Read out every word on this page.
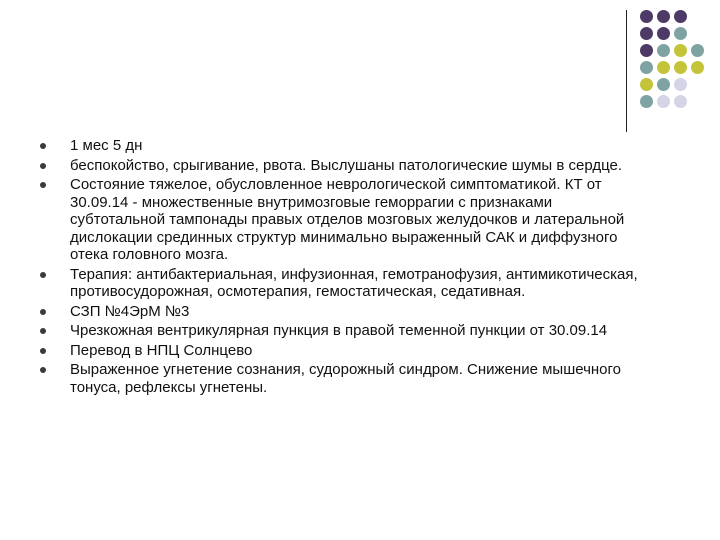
1 мес 5 дн
беспокойство, срыгивание, рвота. Выслушаны патологические шумы в сердце.
Состояние тяжелое, обусловленное неврологической симптоматикой. КТ от 30.09.14 - множественные внутримозговые геморрагии с признаками субтотальной тампонады правых отделов мозговых желудочков и латеральной дислокации срединных структур минимально выраженный САК и диффузного отека головного мозга.
Терапия: антибактериальная, инфузионная, гемотранофузия, антимикотическая, противосудорожная, осмотерапия, гемостатическая, седативная.
СЗП №4ЭрМ №3
Чрезкожная вентрикулярная пункция в правой теменной пункции от 30.09.14
Перевод в НПЦ Солнцево
Выраженное угнетение сознания, судорожный синдром. Снижение мышечного тонуса, рефлексы угнетены.
